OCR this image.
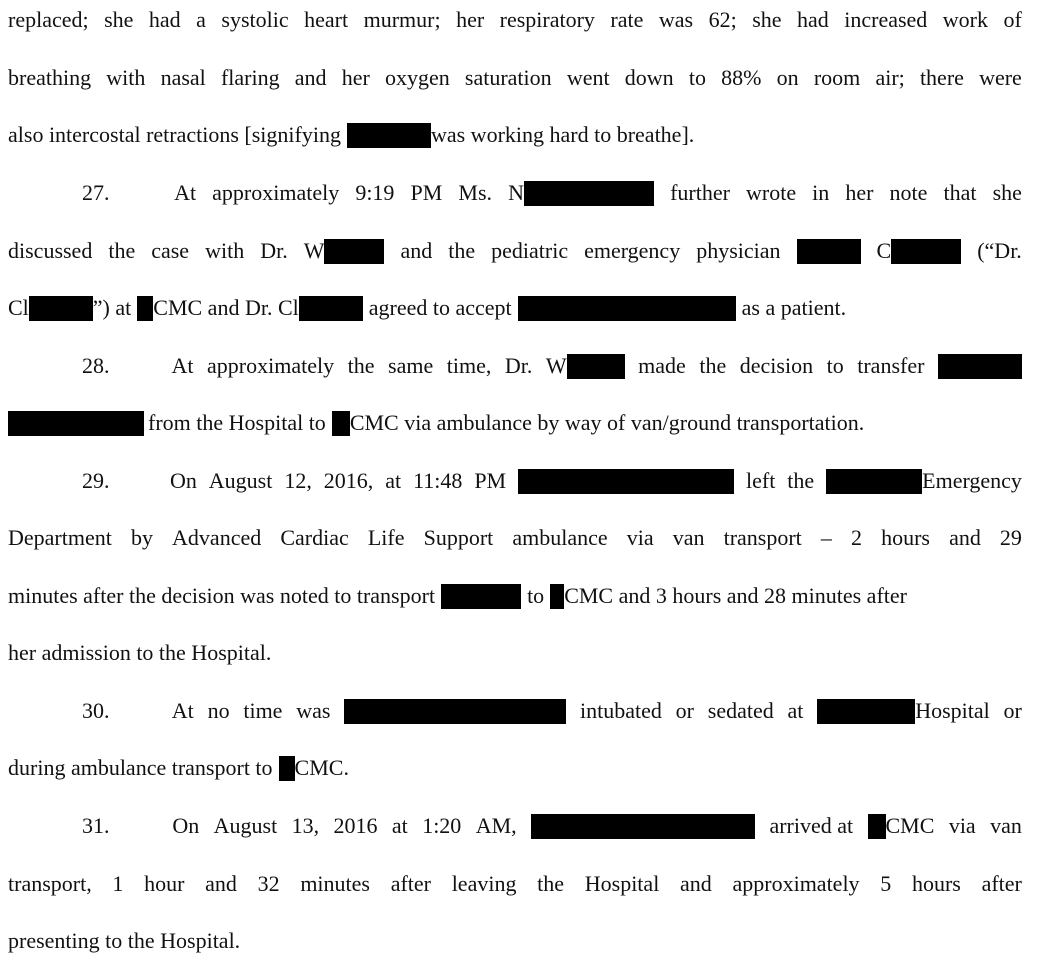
replaced; she had a systolic heart murmur; her respiratory rate was 62; she had increased work of
breathing with nasal flaring and her oxygen saturation went down to 88% on room air; there were
also intercostal retractions [signifying	was working hard to breathe].
27.	At approximately 9:19 PM Ms. N	further wrote in her note that she
discussed the case with Dr. W	and the pediatric emergency physician	C	(“Dr.
Cl	”) at CMC and Dr. Cl	agreed to accept	as a patient.
28.	At approximately the same time, Dr. W	made the decision to transfer
from the Hospital to CMC via ambulance by way of van/ground transportation.
29.	On August 12, 2016, at 11:48 PM	left the	Emergency
Department by Advanced Cardiac Life Support ambulance via van transport – 2 hours and 29
minutes after the decision was noted to transport	to CMC and 3 hours and 28 minutes after
her admission to the Hospital.
30.	At no time was	intubated or sedated at	Hospital or
during ambulance transport to CMC.
31.	On August 13, 2016 at 1:20 AM,	arrived at CMC via van
transport, 1 hour and 32 minutes after leaving the Hospital and approximately 5 hours after
presenting to the Hospital.
